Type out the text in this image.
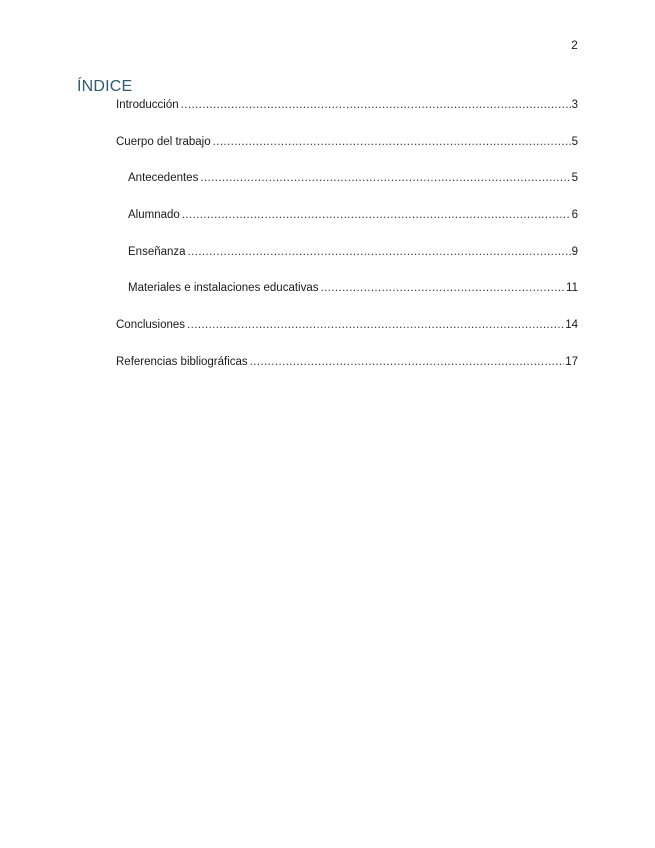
2
ÍNDICE
Introducción .....	3
Cuerpo del trabajo .....	5
Antecedentes .....	5
Alumnado .....	6
Enseñanza .....	9
Materiales e instalaciones educativas .....	11
Conclusiones .....	14
Referencias bibliográficas .....	17
